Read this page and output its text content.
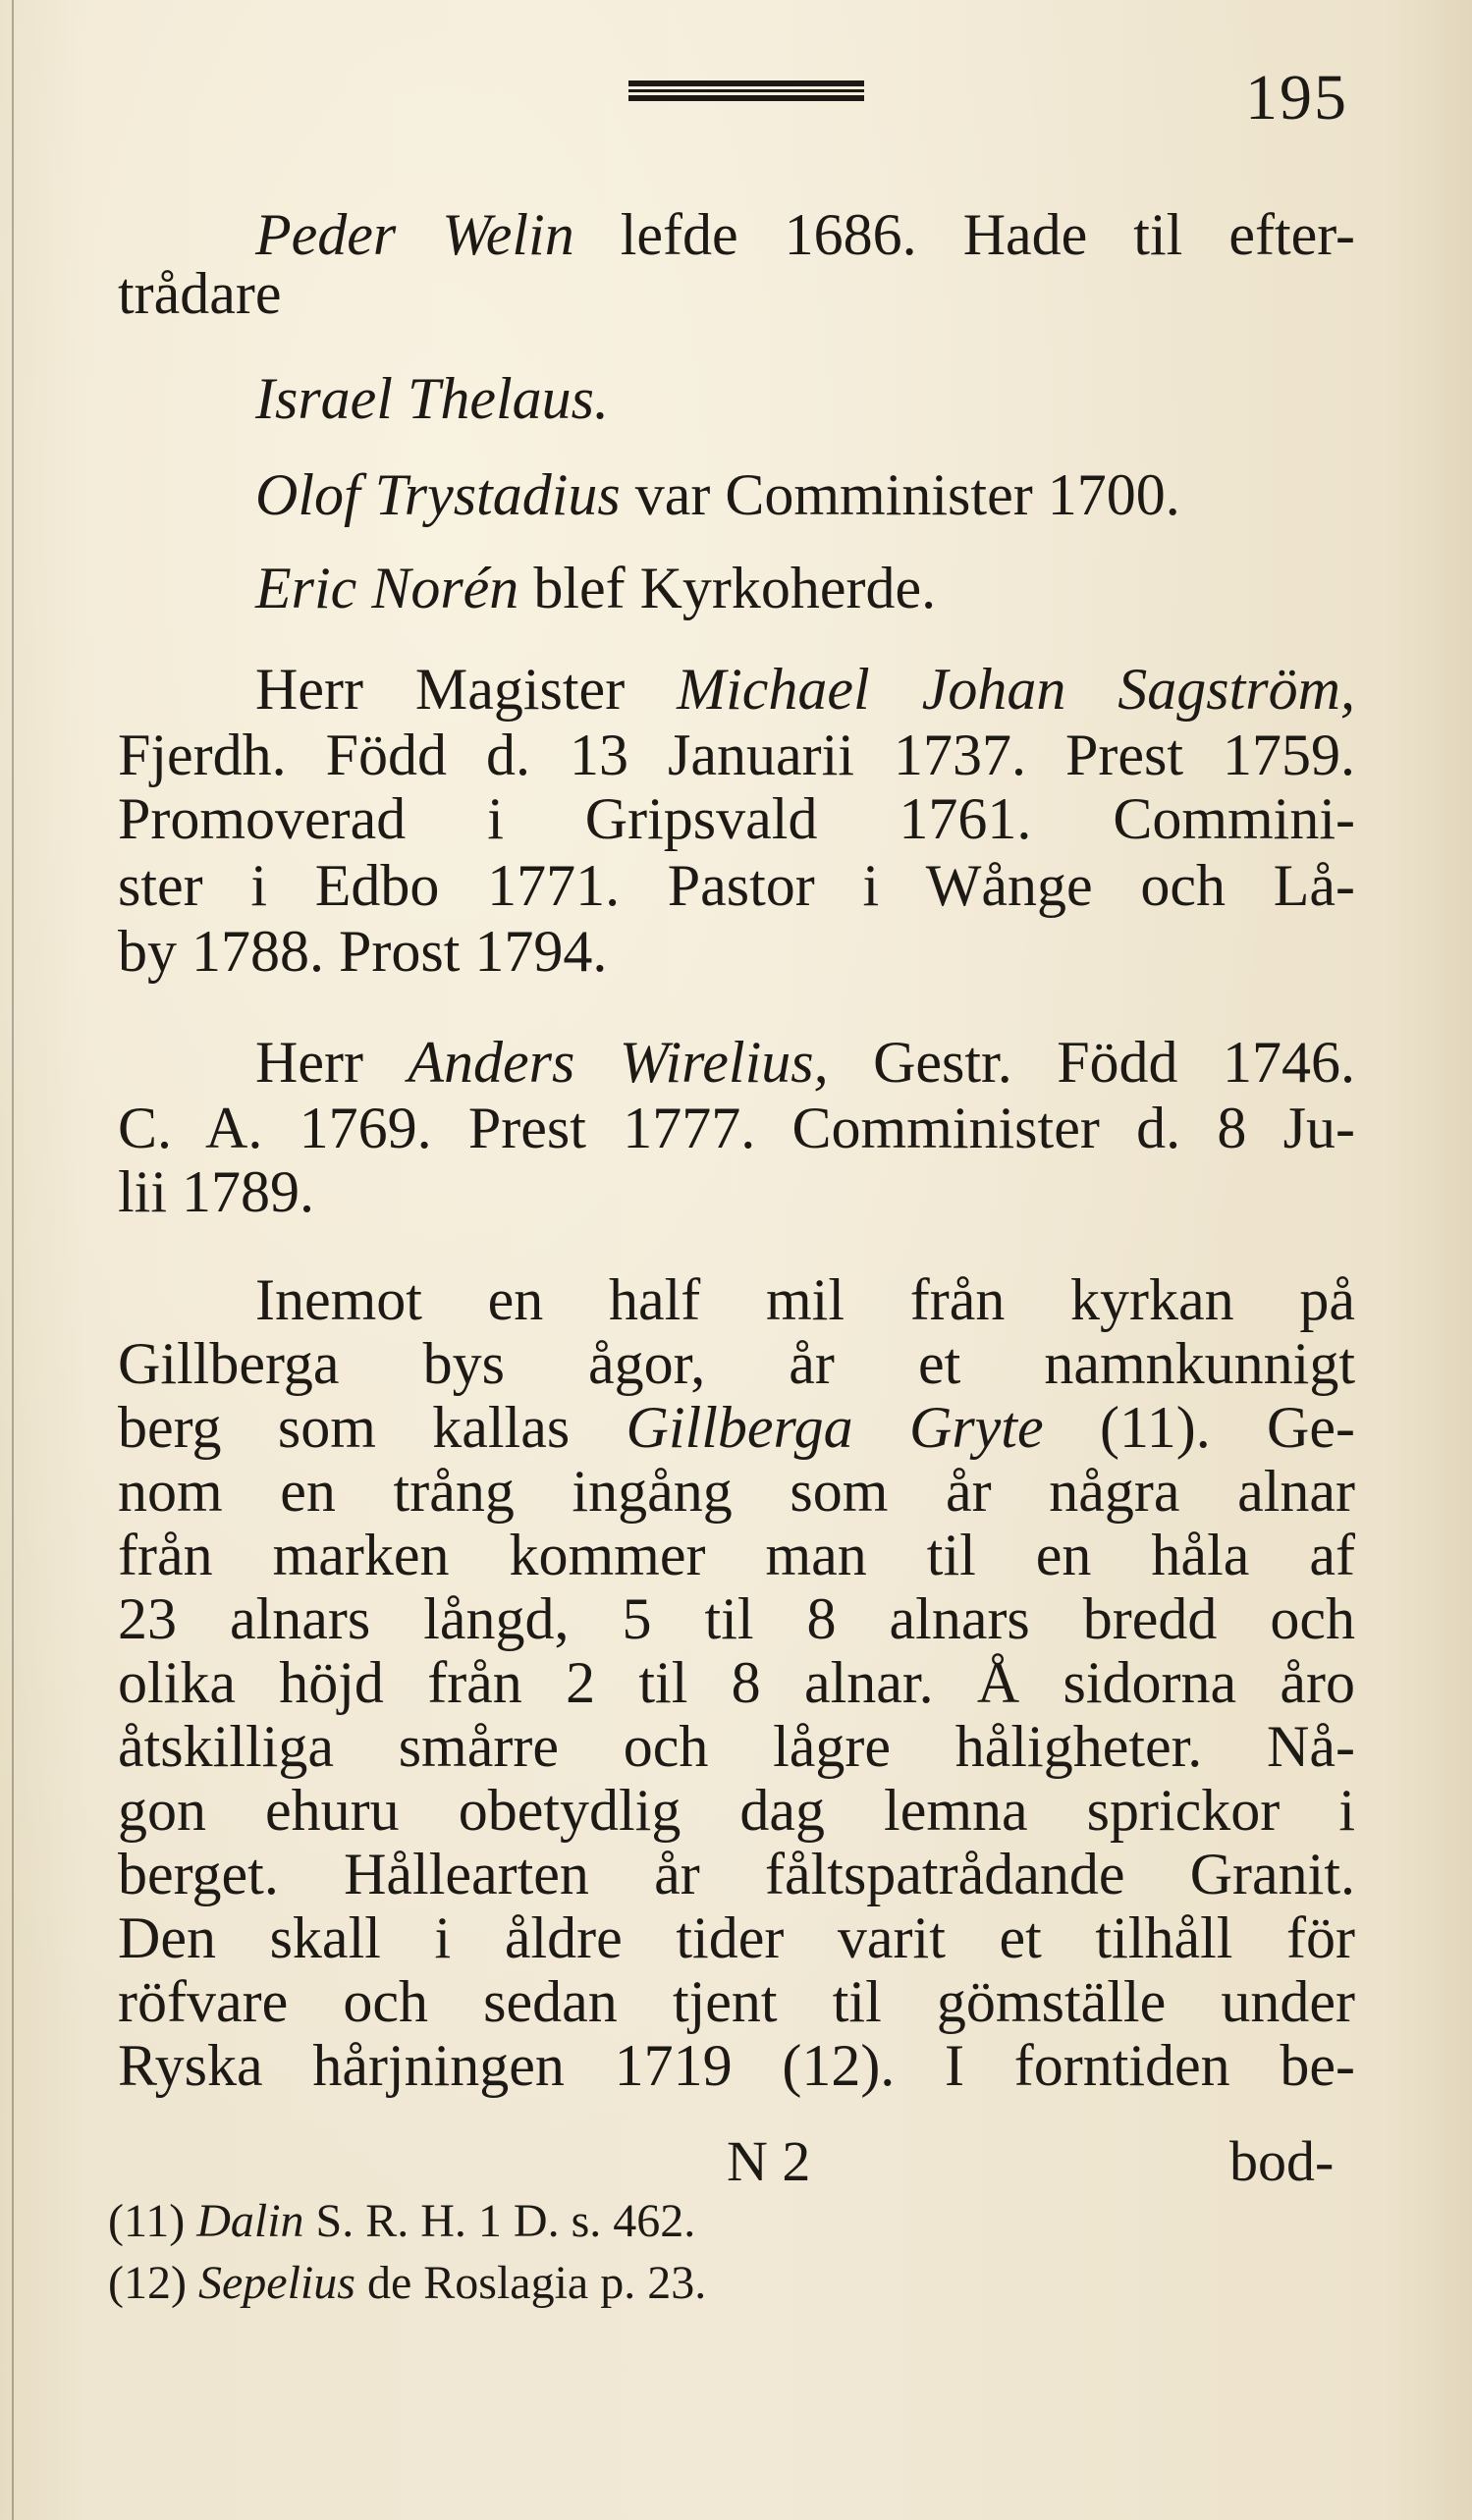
195

Peder Welin lefde 1686. Hade til efter-

trådare

Israel Thelaus.

Olof Trystadius var Comminister 1700.

Eric Norén blef Kyrkoherde.

Herr Magister Michael Johan Sagström,

Fjerdh. Född d. 13 Januarii 1737. Prest 1759.

Promoverad i Gripsvald 1761. Commini-

ster i Edbo 1771. Pastor i Wånge och Lå-

by 1788. Prost 1794.

Herr Anders Wirelius, Gestr. Född 1746.

C. A. 1769. Prest 1777. Comminister d. 8 Ju-

lii 1789.

Inemot en half mil från kyrkan på

Gillberga bys ågor, år et namnkunnigt

berg som kallas Gillberga Gryte (11). Ge-

nom en trång ingång som år några alnar

från marken kommer man til en håla af

23 alnars långd, 5 til 8 alnars bredd och

olika höjd från 2 til 8 alnar. Å sidorna åro

åtskilliga smårre och lågre håligheter. Nå-

gon ehuru obetydlig dag lemna sprickor i

berget. Hållearten år fåltspatrådande Granit.

Den skall i åldre tider varit et tilhåll för

röfvare och sedan tjent til gömställe under

Ryska hårjningen 1719 (12). I forntiden be-

N 2	bod-
(11) Dalin S. R. H. 1 D. s. 462.
(12) Sepelius de Roslagia p. 23.
